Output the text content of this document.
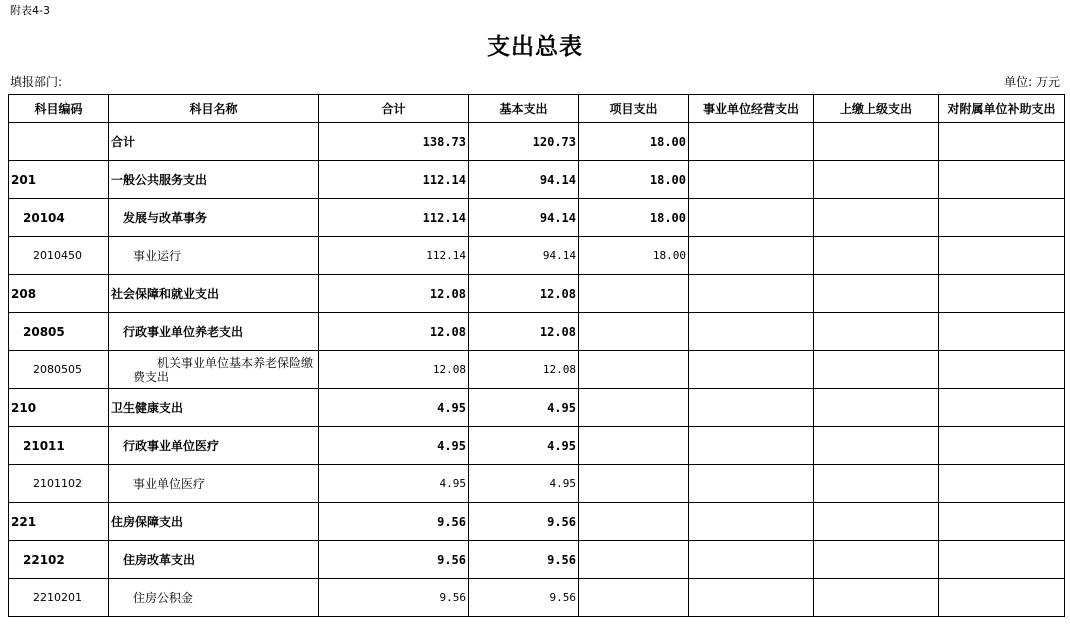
附表4-3
支出总表
填报部门:	单位: 万元
科目编码	科目名称	合计	基本支出	项目支出	事业单位经营支出	上缴上级支出	对附属单位补助支出
	合计	138.73	120.73	18.00			
201	一般公共服务支出	112.14	94.14	18.00			
20104	发展与改革事务	112.14	94.14	18.00			
2010450	事业运行	112.14	94.14	18.00			
208	社会保障和就业支出	12.08	12.08				
20805	行政事业单位养老支出	12.08	12.08				
2080505	机关事业单位基本养老保险缴费支出	12.08	12.08				
210	卫生健康支出	4.95	4.95				
21011	行政事业单位医疗	4.95	4.95				
2101102	事业单位医疗	4.95	4.95				
221	住房保障支出	9.56	9.56				
22102	住房改革支出	9.56	9.56				
2210201	住房公积金	9.56	9.56				
